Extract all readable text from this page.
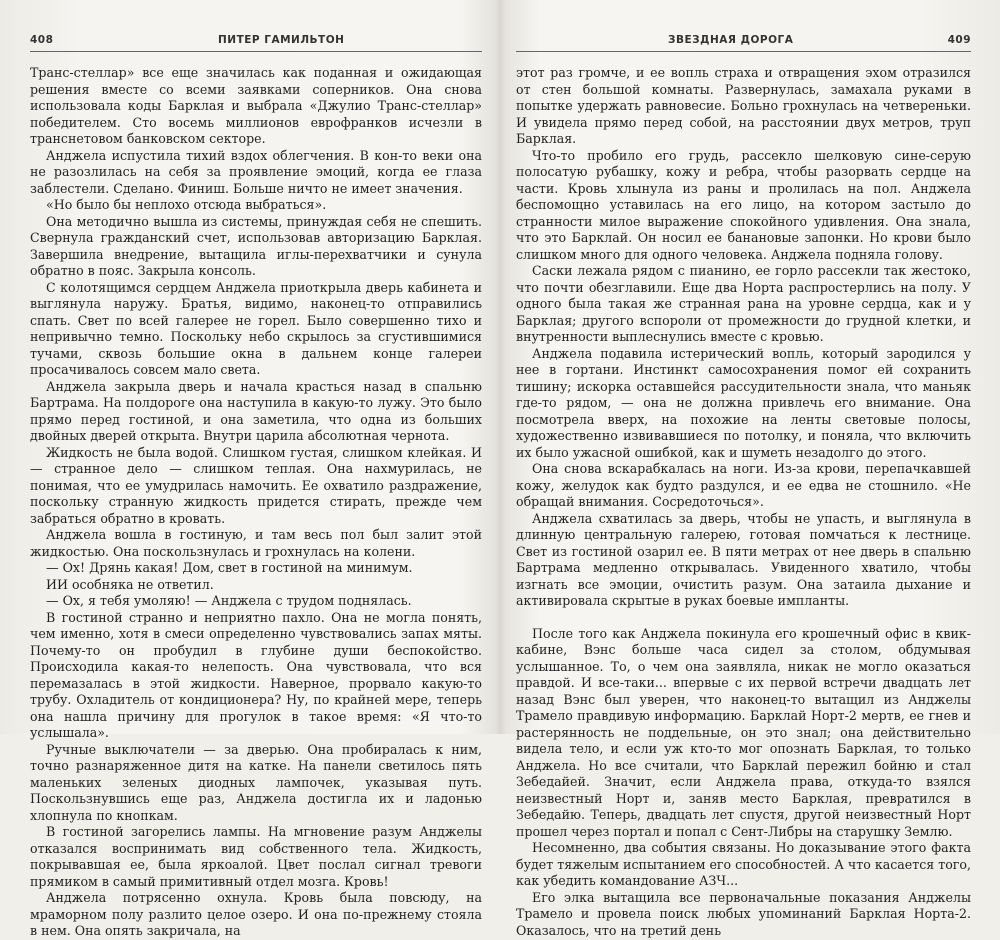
408	ПИТЕР ГАМИЛЬТОН

Транс-стеллар» все еще значилась как поданная и ожидающая решения вместе со всеми заявками соперников. Она снова использовала коды Барклая и выбрала «Джулио Транс-стеллар» победителем. Сто восемь миллионов еврофранков исчезли в транснетовом банковском секторе.

Анджела испустила тихий вздох облегчения. В кон-то веки она не разозлилась на себя за проявление эмоций, когда ее глаза заблестели. Сделано. Финиш. Больше ничто не имеет значения.

«Но было бы неплохо отсюда выбраться».

Она методично вышла из системы, принуждая себя не спешить. Свернула гражданский счет, использовав авторизацию Барклая. Завершила внедрение, вытащила иглы-перехватчики и сунула обратно в пояс. Закрыла консоль.

С колотящимся сердцем Анджела приоткрыла дверь кабинета и выглянула наружу. Братья, видимо, наконец-то отправились спать. Свет по всей галерее не горел. Было совершенно тихо и непривычно темно. Поскольку небо скрылось за сгустившимися тучами, сквозь большие окна в дальнем конце галереи просачивалось совсем мало света.

Анджела закрыла дверь и начала красться назад в спальню Бартрама. На полдороге она наступила в какую-то лужу. Это было прямо перед гостиной, и она заметила, что одна из больших двойных дверей открыта. Внутри царила абсолютная чернота.

Жидкость не была водой. Слишком густая, слишком клейкая. И — странное дело — слишком теплая. Она нахмурилась, не понимая, что ее умудрилась намочить. Ее охватило раздражение, поскольку странную жидкость придется стирать, прежде чем забраться обратно в кровать.

Анджела вошла в гостиную, и там весь пол был залит этой жидкостью. Она поскользнулась и грохнулась на колени.

— Ох! Дрянь какая! Дом, свет в гостиной на минимум.

ИИ особняка не ответил.

— Ох, я тебя умоляю! — Анджела с трудом поднялась.

В гостиной странно и неприятно пахло. Она не могла понять, чем именно, хотя в смеси определенно чувствовались запах мяты. Почему-то он пробудил в глубине души беспокойство. Происходила какая-то нелепость. Она чувствовала, что вся перемазалась в этой жидкости. Наверное, прорвало какую-то трубу. Охладитель от кондиционера? Ну, по крайней мере, теперь она нашла причину для прогулок в такое время: «Я что-то услышала».

Ручные выключатели — за дверью. Она пробиралась к ним, точно разнаряженное дитя на катке. На панели светилось пять маленьких зеленых диодных лампочек, указывая путь. Поскользнувшись еще раз, Анджела достигла их и ладонью хлопнула по кнопкам.

В гостиной загорелись лампы. На мгновение разум Анджелы отказался воспринимать вид собственного тела. Жидкость, покрывавшая ее, была яркоалой. Цвет послал сигнал тревоги прямиком в самый примитивный отдел мозга. Кровь!

Анджела потрясенно охнула. Кровь была повсюду, на мраморном полу разлито целое озеро. И она по-прежнему стояла в нем. Она опять закричала, на

ЗВЕЗДНАЯ ДОРОГА	409

этот раз громче, и ее вопль страха и отвращения эхом отразился от стен большой комнаты. Развернулась, замахала руками в попытке удержать равновесие. Больно грохнулась на четвереньки. И увидела прямо перед собой, на расстоянии двух метров, труп Барклая.

Что-то пробило его грудь, рассекло шелковую сине-серую полосатую рубашку, кожу и ребра, чтобы разорвать сердце на части. Кровь хлынула из раны и пролилась на пол. Анджела беспомощно уставилась на его лицо, на котором застыло до странности милое выражение спокойного удивления. Она знала, что это Барклай. Он носил ее банановые запонки. Но крови было слишком много для одного человека. Анджела подняла голову.

Саски лежала рядом с пианино, ее горло рассекли так жестоко, что почти обезглавили. Еще два Норта распростерлись на полу. У одного была такая же странная рана на уровне сердца, как и у Барклая; другого вспороли от промежности до грудной клетки, и внутренности выплеснулись вместе с кровью.

Анджела подавила истерический вопль, который зародился у нее в гортани. Инстинкт самосохранения помог ей сохранить тишину; искорка оставшейся рассудительности знала, что маньяк где-то рядом, — она не должна привлечь его внимание. Она посмотрела вверх, на похожие на ленты световые полосы, художественно извивавшиеся по потолку, и поняла, что включить их было ужасной ошибкой, как и шуметь незадолго до этого.

Она снова вскарабкалась на ноги. Из-за крови, перепачкавшей кожу, желудок как будто раздулся, и ее едва не стошнило. «Не обращай внимания. Сосредоточься».

Анджела схватилась за дверь, чтобы не упасть, и выглянула в длинную центральную галерею, готовая помчаться к лестнице. Свет из гостиной озарил ее. В пяти метрах от нее дверь в спальню Бартрама медленно открывалась. Увиденного хватило, чтобы изгнать все эмоции, очистить разум. Она затаила дыхание и активировала скрытые в руках боевые импланты.

После того как Анджела покинула его крошечный офис в квик-кабине, Вэнс больше часа сидел за столом, обдумывая услышанное. То, о чем она заявляла, никак не могло оказаться правдой. И все-таки... впервые с их первой встречи двадцать лет назад Вэнс был уверен, что наконец-то вытащил из Анджелы Трамело правдивую информацию. Барклай Норт-2 мертв, ее гнев и растерянность не поддельные, он это знал; она действительно видела тело, и если уж кто-то мог опознать Барклая, то только Анджела. Но все считали, что Барклай пережил бойню и стал Зебедайей. Значит, если Анджела права, откуда-то взялся неизвестный Норт и, заняв место Барклая, превратился в Зебедайю. Теперь, двадцать лет спустя, другой неизвестный Норт прошел через портал и попал с Сент-Либры на старушку Землю.

Несомненно, два события связаны. Но доказывание этого факта будет тяжелым испытанием его способностей. А что касается того, как убедить командование АЗЧ...

Его элка вытащила все первоначальные показания Анджелы Трамело и провела поиск любых упоминаний Барклая Норта-2. Оказалось, что на третий день
